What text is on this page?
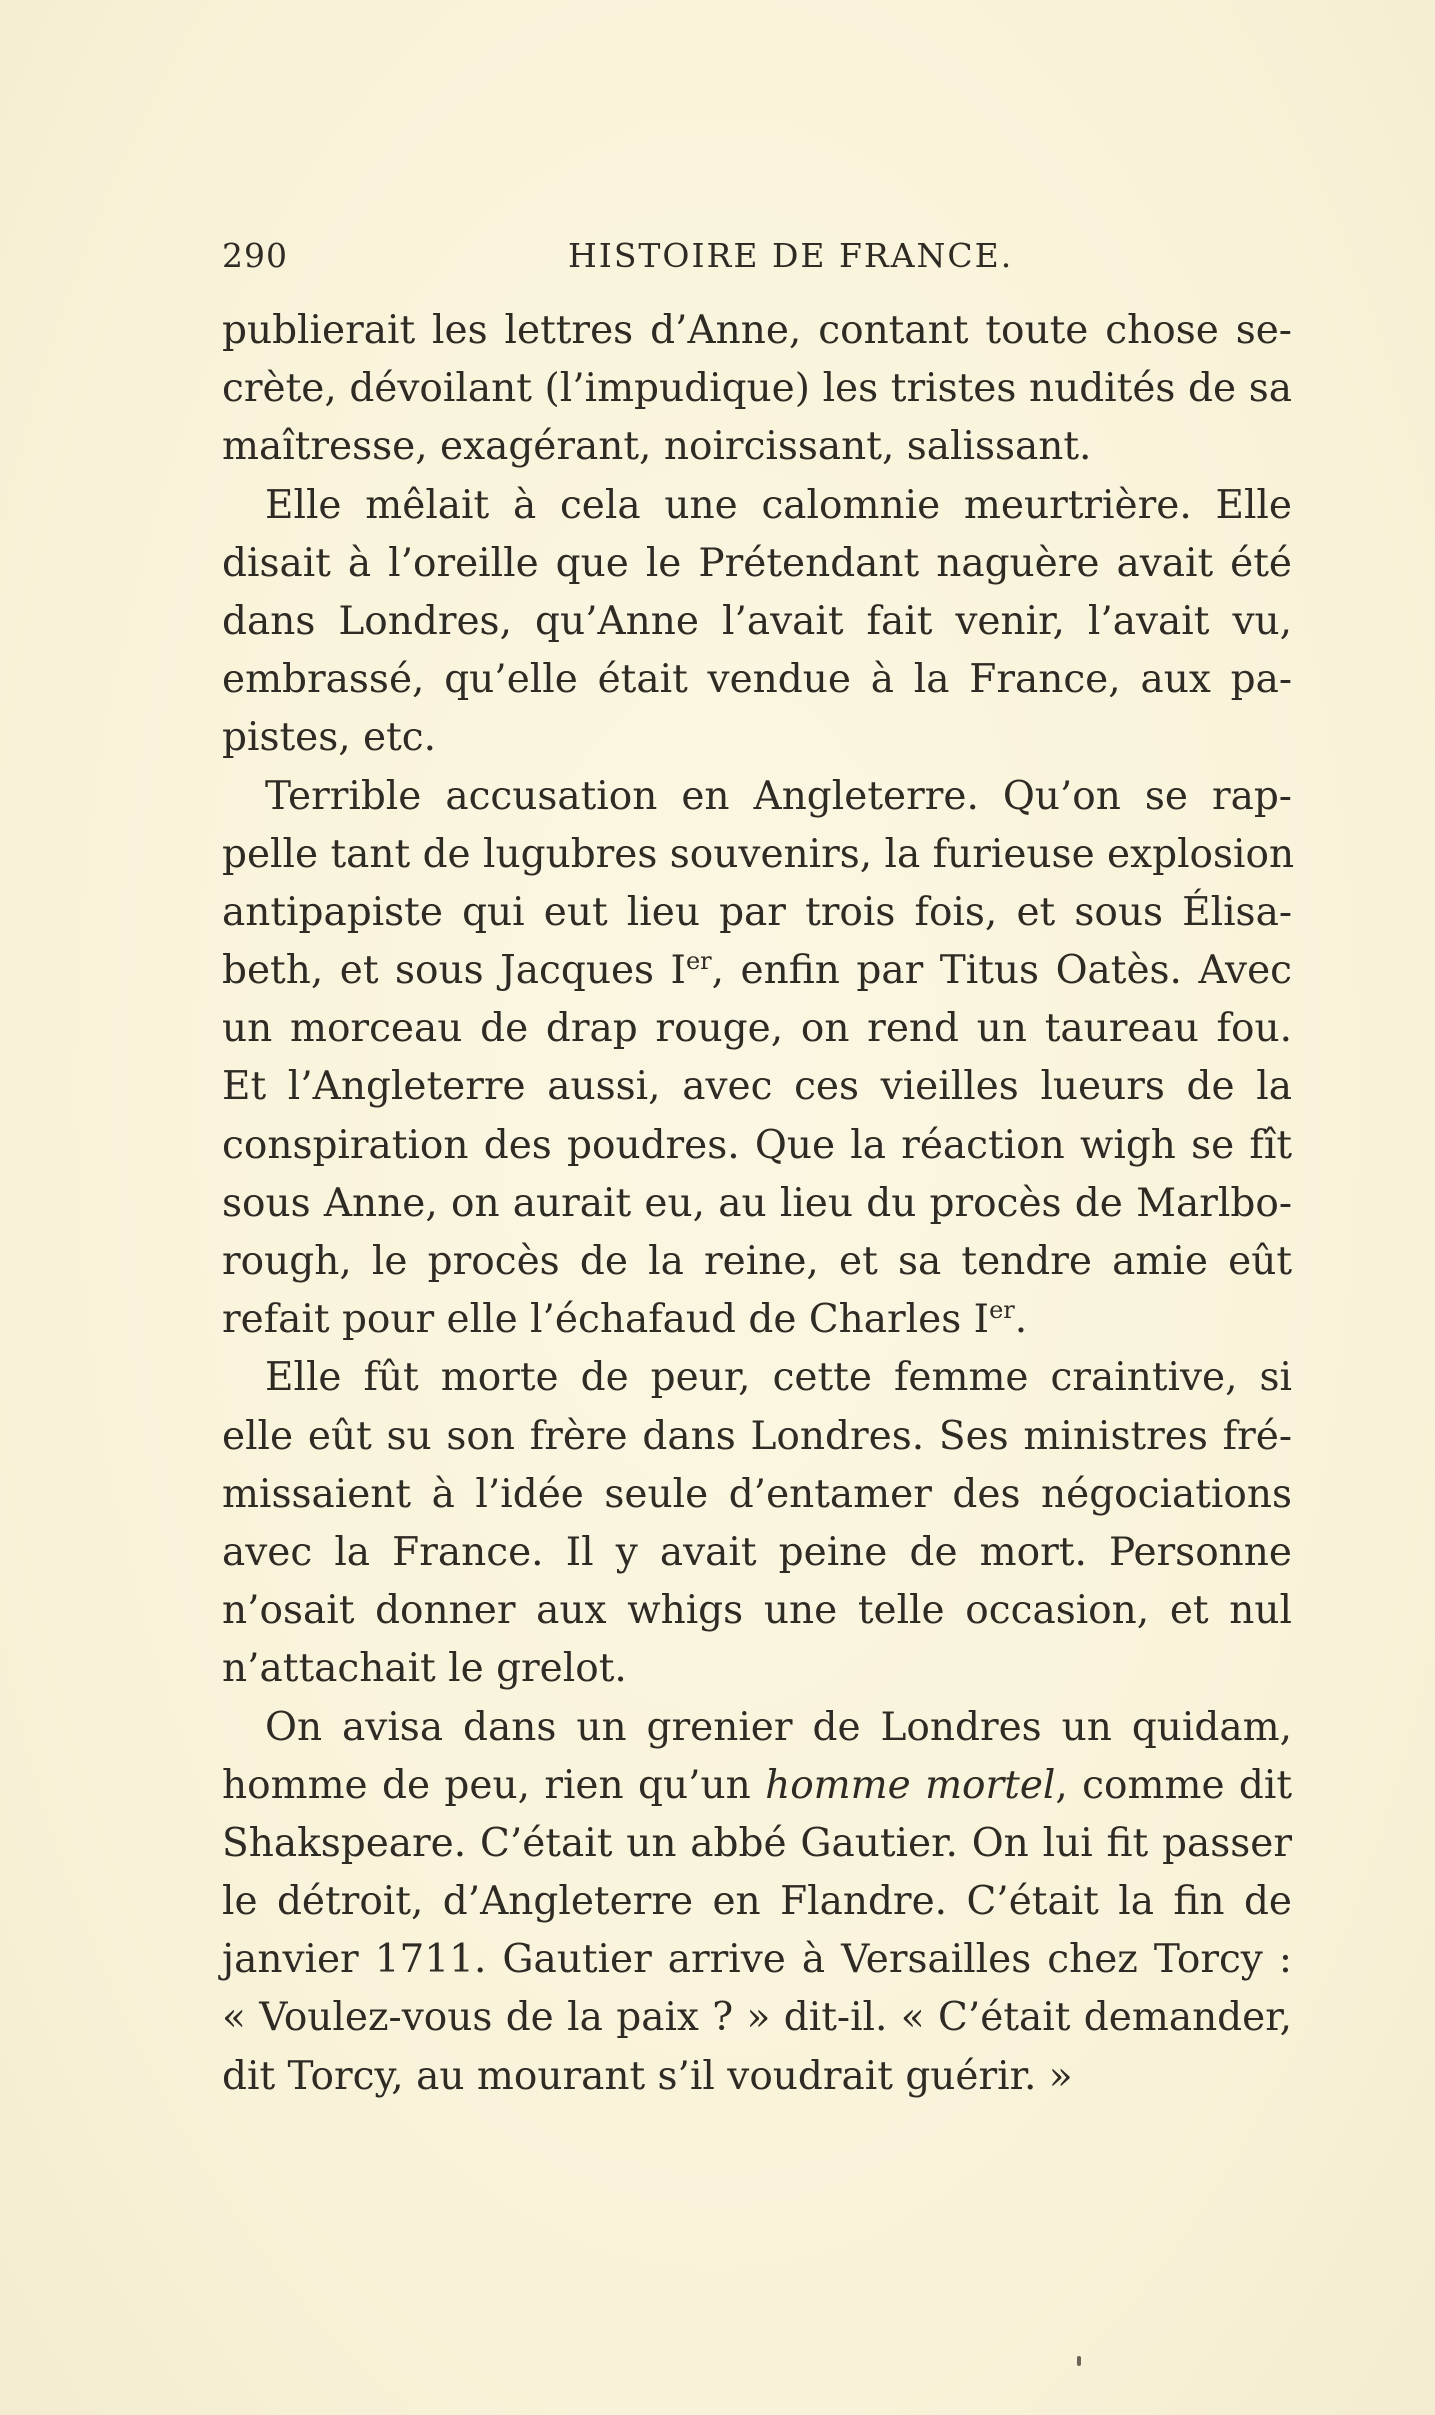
290	HISTOIRE DE FRANCE.
publierait les lettres d’Anne, contant toute chose se-
crète, dévoilant (l’impudique) les tristes nudités de sa
maîtresse, exagérant, noircissant, salissant.
Elle mêlait à cela une calomnie meurtrière. Elle
disait à l’oreille que le Prétendant naguère avait été
dans Londres, qu’Anne l’avait fait venir, l’avait vu,
embrassé, qu’elle était vendue à la France, aux pa-
pistes, etc.
Terrible accusation en Angleterre. Qu’on se rap-
pelle tant de lugubres souvenirs, la furieuse explosion
antipapiste qui eut lieu par trois fois, et sous Élisa-
beth, et sous Jacques Ier, enfin par Titus Oatès. Avec
un morceau de drap rouge, on rend un taureau fou.
Et l’Angleterre aussi, avec ces vieilles lueurs de la
conspiration des poudres. Que la réaction wigh se fît
sous Anne, on aurait eu, au lieu du procès de Marlbo-
rough, le procès de la reine, et sa tendre amie eût
refait pour elle l’échafaud de Charles Ier.
Elle fût morte de peur, cette femme craintive, si
elle eût su son frère dans Londres. Ses ministres fré-
missaient à l’idée seule d’entamer des négociations
avec la France. Il y avait peine de mort. Personne
n’osait donner aux whigs une telle occasion, et nul
n’attachait le grelot.
On avisa dans un grenier de Londres un quidam,
homme de peu, rien qu’un homme mortel, comme dit
Shakspeare. C’était un abbé Gautier. On lui fit passer
le détroit, d’Angleterre en Flandre. C’était la fin de
janvier 1711. Gautier arrive à Versailles chez Torcy :
« Voulez-vous de la paix ? » dit-il. « C’était demander,
dit Torcy, au mourant s’il voudrait guérir. »
